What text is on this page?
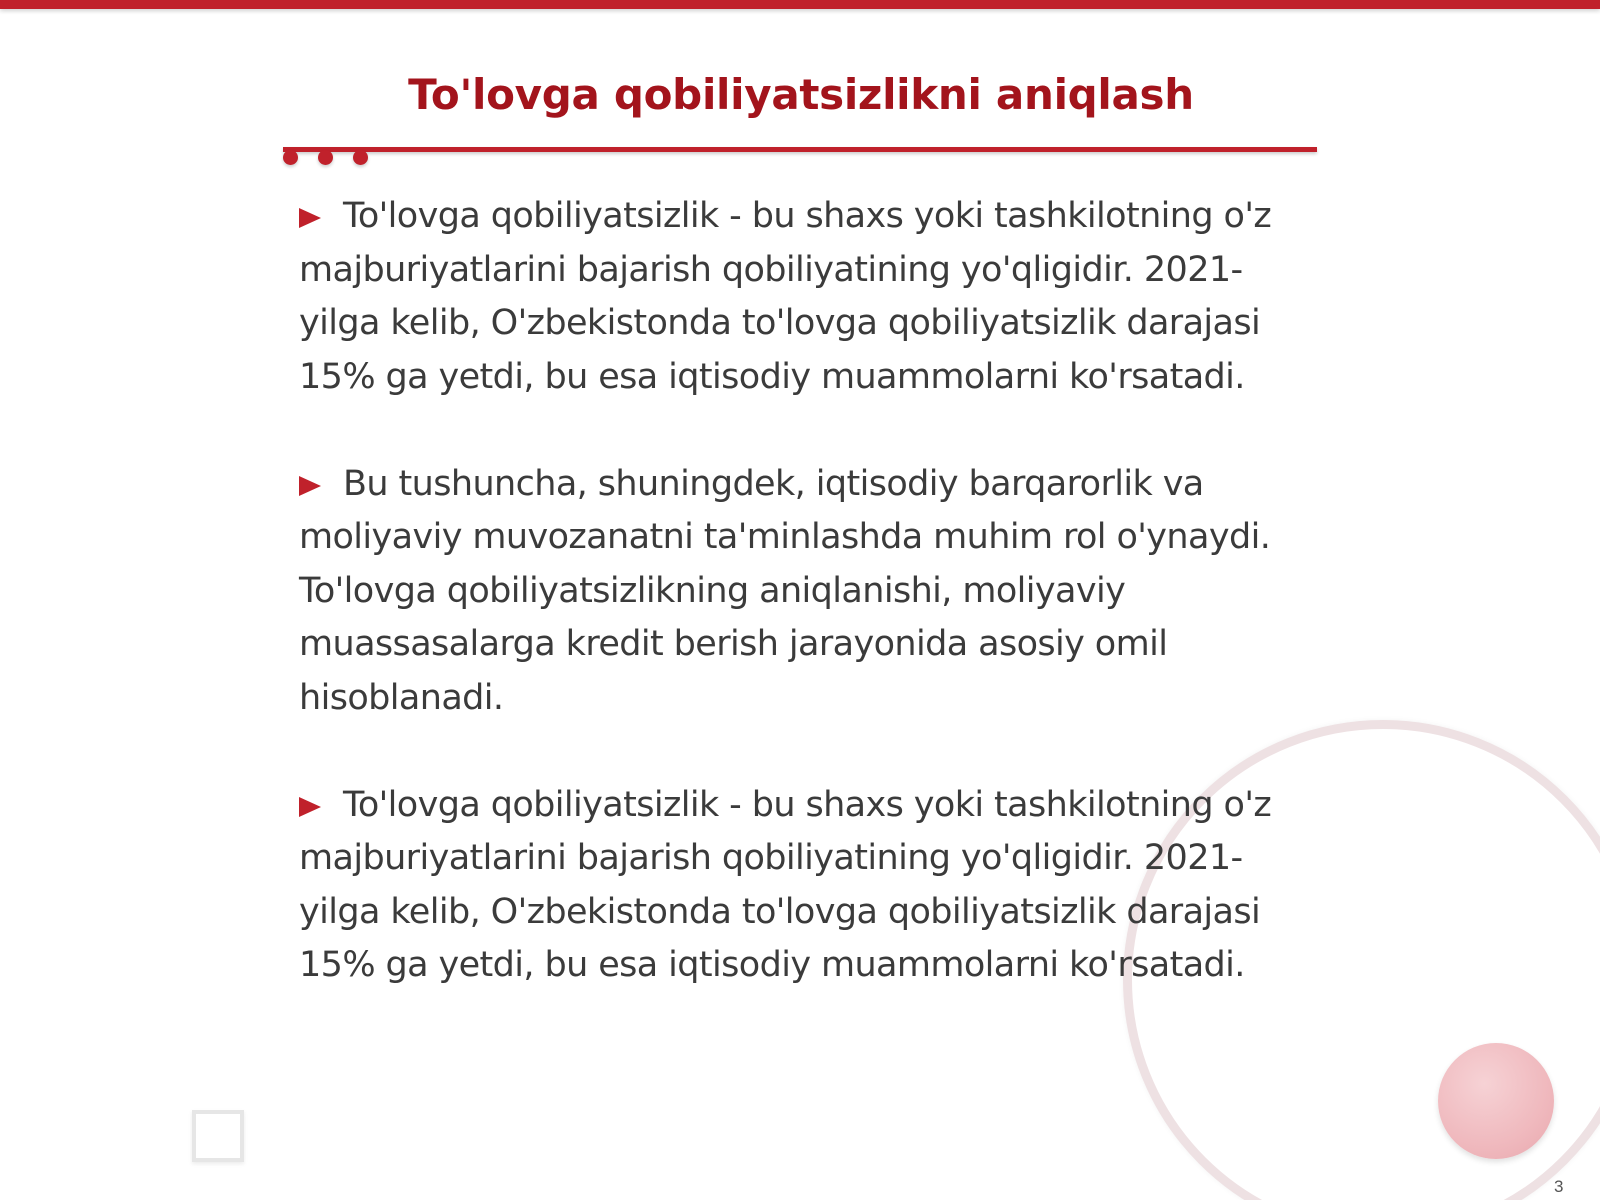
To'lovga qobiliyatsizlikni aniqlash

To'lovga qobiliyatsizlik - bu shaxs yoki tashkilotning o'z majburiyatlarini bajarish qobiliyatining yo'qligidir. 2021-yilga kelib, O'zbekistonda to'lovga qobiliyatsizlik darajasi 15% ga yetdi, bu esa iqtisodiy muammolarni ko'rsatadi.

Bu tushuncha, shuningdek, iqtisodiy barqarorlik va moliyaviy muvozanatni ta'minlashda muhim rol o'ynaydi. To'lovga qobiliyatsizlikning aniqlanishi, moliyaviy muassasalarga kredit berish jarayonida asosiy omil hisoblanadi.

To'lovga qobiliyatsizlik - bu shaxs yoki tashkilotning o'z majburiyatlarini bajarish qobiliyatining yo'qligidir. 2021-yilga kelib, O'zbekistonda to'lovga qobiliyatsizlik darajasi 15% ga yetdi, bu esa iqtisodiy muammolarni ko'rsatadi.

3
